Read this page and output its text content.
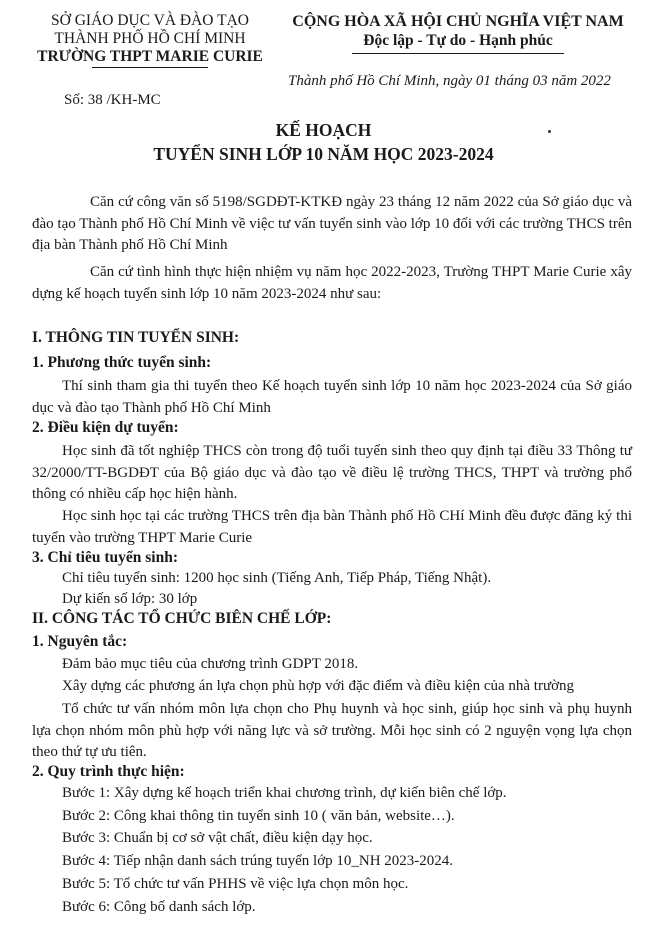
SỞ GIÁO DỤC VÀ ĐÀO TẠO
THÀNH PHỐ HỒ CHÍ MINH
TRƯỜNG THPT MARIE CURIE
CỘNG HÒA XÃ HỘI CHỦ NGHĨA VIỆT NAM
Độc lập - Tự do - Hạnh phúc
Số: 38 /KH-MC
Thành phố Hồ Chí Minh, ngày 01 tháng 03 năm 2022
KẾ HOẠCH
TUYỂN SINH LỚP 10 NĂM HỌC 2023-2024
Căn cứ công văn số 5198/SGDĐT-KTKĐ ngày 23 tháng 12 năm 2022 của Sở giáo dục và đào tạo Thành phố Hồ Chí Minh về việc tư vấn tuyển sinh vào lớp 10 đối với các trường THCS trên địa bàn Thành phố Hồ Chí Minh
Căn cứ tình hình thực hiện nhiệm vụ năm học 2022-2023, Trường THPT Marie Curie xây dựng kế hoạch tuyển sinh lớp 10 năm 2023-2024 như sau:
I. THÔNG TIN TUYỂN SINH:
1. Phương thức tuyển sinh:
Thí sinh tham gia thi tuyển theo Kế hoạch tuyển sinh lớp 10 năm học 2023-2024 của Sở giáo dục và đào tạo Thành phố Hồ Chí Minh
2. Điều kiện dự tuyển:
Học sinh đã tốt nghiệp THCS còn trong độ tuổi tuyển sinh theo quy định tại điều 33 Thông tư 32/2000/TT-BGDĐT của Bộ giáo dục và đào tạo về điều lệ trường THCS, THPT và trường phổ thông có nhiều cấp học hiện hành.
Học sinh học tại các trường THCS trên địa bàn Thành phố Hồ CHí Minh đều được đăng ký thi tuyển vào trường THPT Marie Curie
3. Chỉ tiêu tuyển sinh:
Chỉ tiêu tuyển sinh: 1200 học sinh (Tiếng Anh, Tiếp Pháp, Tiếng Nhật).
Dự kiến số lớp: 30 lớp
II. CÔNG TÁC TỔ CHỨC BIÊN CHẾ LỚP:
1. Nguyên tắc:
Đảm bảo mục tiêu của chương trình GDPT 2018.
Xây dựng các phương án lựa chọn phù hợp với đặc điểm và điều kiện của nhà trường
Tổ chức tư vấn nhóm môn lựa chọn cho Phụ huynh và học sinh, giúp học sinh và phụ huynh lựa chọn nhóm môn phù hợp với năng lực và sở trường. Mỗi học sinh có 2 nguyện vọng lựa chọn theo thứ tự ưu tiên.
2. Quy trình thực hiện:
Bước 1: Xây dựng kế hoạch triển khai chương trình, dự kiến biên chế lớp.
Bước 2: Công khai thông tin tuyển sinh 10 ( văn bản, website…).
Bước 3: Chuẩn bị cơ sở vật chất, điều kiện dạy học.
Bước 4: Tiếp nhận danh sách trúng tuyển lớp 10_NH 2023-2024.
Bước 5: Tổ chức tư vấn PHHS về việc lựa chọn môn học.
Bước 6: Công bố danh sách lớp.
